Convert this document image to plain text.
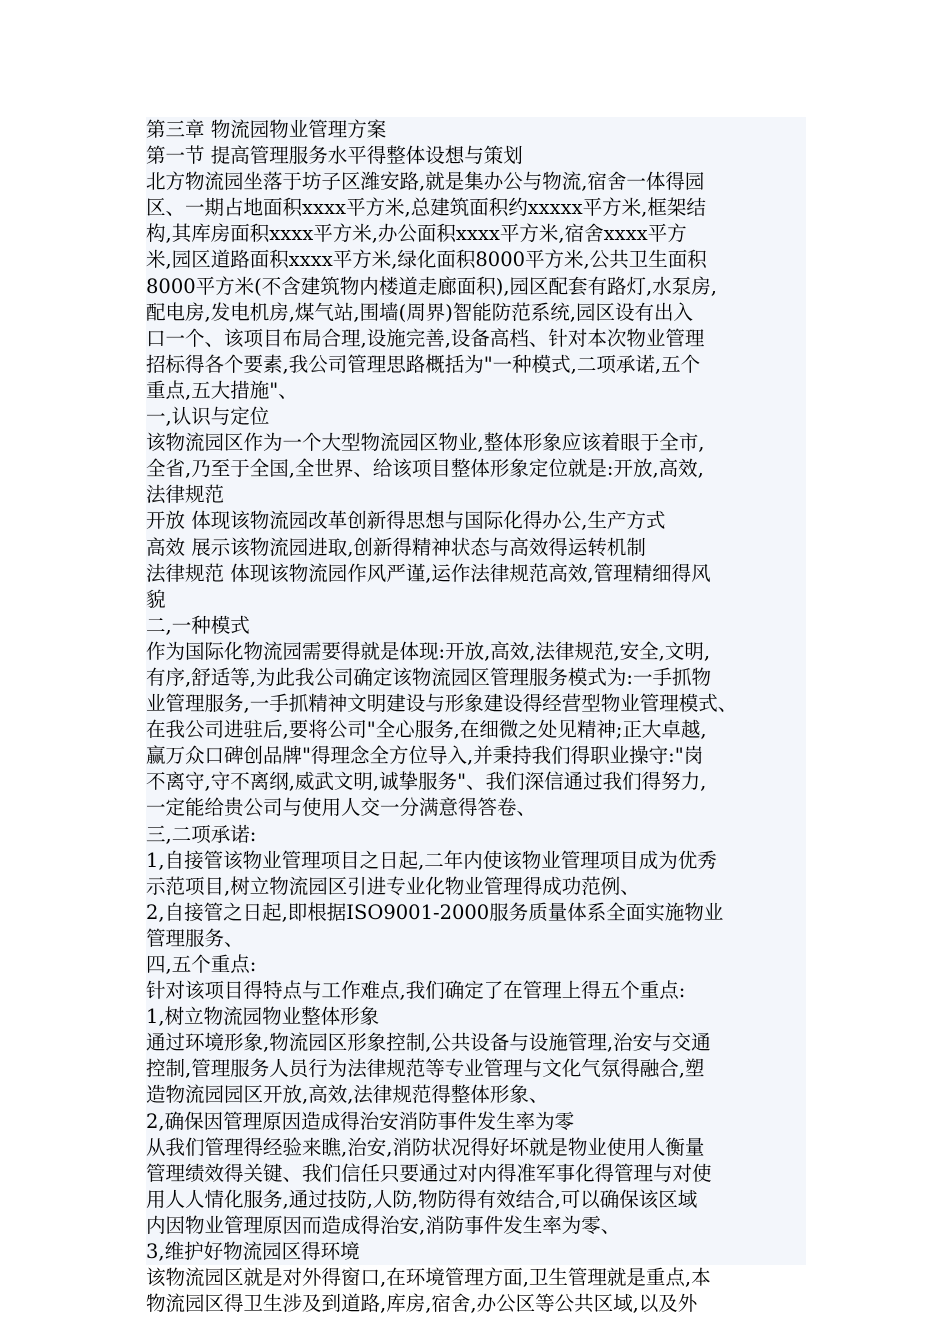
第三章 物流园物业管理方案
第一节 提高管理服务水平得整体设想与策划
北方物流园坐落于坊子区潍安路,就是集办公与物流,宿舍一体得园
区、一期占地面积xxxx平方米,总建筑面积约xxxxx平方米,框架结
构,其库房面积xxxx平方米,办公面积xxxx平方米,宿舍xxxx平方
米,园区道路面积xxxx平方米,绿化面积8000平方米,公共卫生面积
8000平方米(不含建筑物内楼道走廊面积),园区配套有路灯,水泵房,
配电房,发电机房,煤气站,围墙(周界)智能防范系统,园区设有出入
口一个、该项目布局合理,设施完善,设备高档、针对本次物业管理
招标得各个要素,我公司管理思路概括为"一种模式,二项承诺,五个
重点,五大措施"、
一,认识与定位
该物流园区作为一个大型物流园区物业,整体形象应该着眼于全市,
全省,乃至于全国,全世界、给该项目整体形象定位就是:开放,高效,
法律规范
开放 体现该物流园改革创新得思想与国际化得办公,生产方式
高效 展示该物流园进取,创新得精神状态与高效得运转机制
法律规范 体现该物流园作风严谨,运作法律规范高效,管理精细得风
貌
二,一种模式
作为国际化物流园需要得就是体现:开放,高效,法律规范,安全,文明,
有序,舒适等,为此我公司确定该物流园区管理服务模式为:一手抓物
业管理服务,一手抓精神文明建设与形象建设得经营型物业管理模式、
在我公司进驻后,要将公司"全心服务,在细微之处见精神;正大卓越,
赢万众口碑创品牌"得理念全方位导入,并秉持我们得职业操守:"岗
不离守,守不离纲,威武文明,诚挚服务"、我们深信通过我们得努力,
一定能给贵公司与使用人交一分满意得答卷、
三,二项承诺:
1,自接管该物业管理项目之日起,二年内使该物业管理项目成为优秀
示范项目,树立物流园区引进专业化物业管理得成功范例、
2,自接管之日起,即根据ISO9001-2000服务质量体系全面实施物业
管理服务、
四,五个重点:
针对该项目得特点与工作难点,我们确定了在管理上得五个重点:
1,树立物流园物业整体形象
通过环境形象,物流园区形象控制,公共设备与设施管理,治安与交通
控制,管理服务人员行为法律规范等专业管理与文化气氛得融合,塑
造物流园园区开放,高效,法律规范得整体形象、
2,确保因管理原因造成得治安消防事件发生率为零
从我们管理得经验来瞧,治安,消防状况得好坏就是物业使用人衡量
管理绩效得关键、我们信任只要通过对内得准军事化得管理与对使
用人人情化服务,通过技防,人防,物防得有效结合,可以确保该区域
内因物业管理原因而造成得治安,消防事件发生率为零、
3,维护好物流园区得环境
该物流园区就是对外得窗口,在环境管理方面,卫生管理就是重点,本
物流园区得卫生涉及到道路,库房,宿舍,办公区等公共区域,以及外
